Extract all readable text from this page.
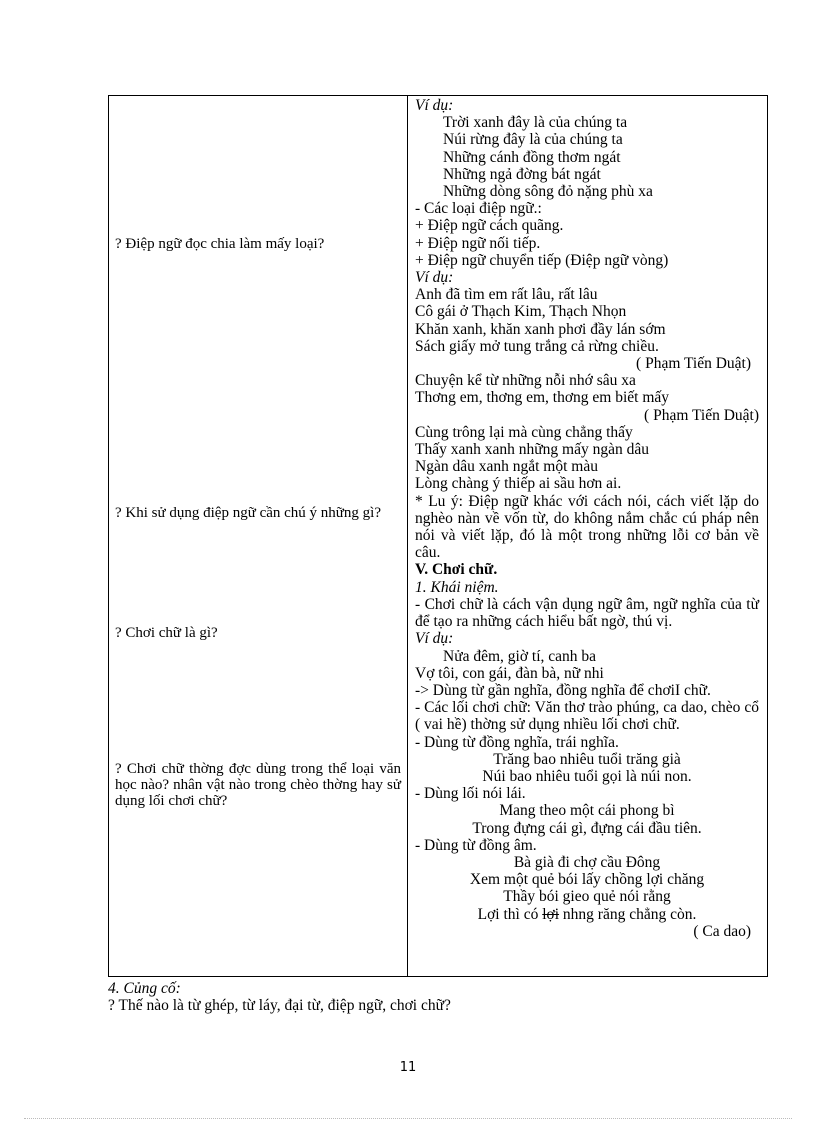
? Điệp ngữ đọc chia làm mấy loại?
? Khi sử dụng điệp ngữ cần chú ý những gì?
? Chơi chữ là gì?
? Chơi chữ thờng đợc dùng trong thể loại văn học nào? nhân vật nào trong chèo thờng hay sử dụng lối chơi chữ?
Ví dụ:
Trời xanh đây là của chúng ta
Núi rừng đây là của chúng ta
Những cánh đồng thơm ngát
Những ngả đờng bát ngát
Những dòng sông đỏ nặng phù xa
- Các loại điệp ngữ.:
+ Điệp ngữ cách quãng.
+ Điệp ngữ nối tiếp.
+ Điệp ngữ chuyển tiếp (Điệp ngữ vòng)
Ví dụ:
Anh đã tìm em rất lâu, rất lâu
Cô gái ở Thạch Kim, Thạch Nhọn
Khăn xanh, khăn xanh phơi đầy lán sớm
Sách giấy mở tung trắng cả rừng chiều.
( Phạm Tiến Duật)
Chuyện kể từ những nỗi nhớ sâu xa
Thơng em, thơng em, thơng em biết mấy
( Phạm Tiến Duật)
Cùng trông lại mà cùng chẳng thấy
Thấy xanh xanh những mấy ngàn dâu
Ngàn dâu xanh ngắt một màu
Lòng chàng ý thiếp ai sầu hơn ai.
* Lu ý: Điệp ngữ khác với cách nói, cách viết lặp do nghèo nàn về vốn từ, do không nắm chắc cú pháp nên nói và viết lặp, đó là một trong những lỗi cơ bản về câu.
V. Chơi chữ.
1. Khái niệm.
- Chơi chữ là cách vận dụng ngữ âm, ngữ nghĩa của từ để tạo ra những cách hiểu bất ngờ, thú vị.
Ví dụ:
Nửa đêm, giờ tí, canh ba
Vợ tôi, con gái, đàn bà, nữ nhi
-> Dùng từ gần nghĩa, đồng nghĩa để chơiI chữ.
- Các lối chơi chữ: Văn thơ trào phúng, ca dao, chèo cổ ( vai hề) thờng sử dụng nhiều lối chơi chữ.
- Dùng từ đồng nghĩa, trái nghĩa.
Trăng bao nhiêu tuổi trăng già
Núi bao nhiêu tuổi gọi là núi non.
- Dùng lối nói lái.
Mang theo một cái phong bì
Trong đựng cái gì, đựng cái đầu tiên.
- Dùng từ đồng âm.
Bà già đi chợ cầu Đông
Xem một quẻ bói lấy chồng lợi chăng
Thầy bói gieo quẻ nói rằng
Lợi thì có lợi nhng răng chẳng còn.
( Ca dao)
4. Củng cố:
? Thế nào là từ ghép, từ láy, đại từ, điệp ngữ, chơi chữ?
11
